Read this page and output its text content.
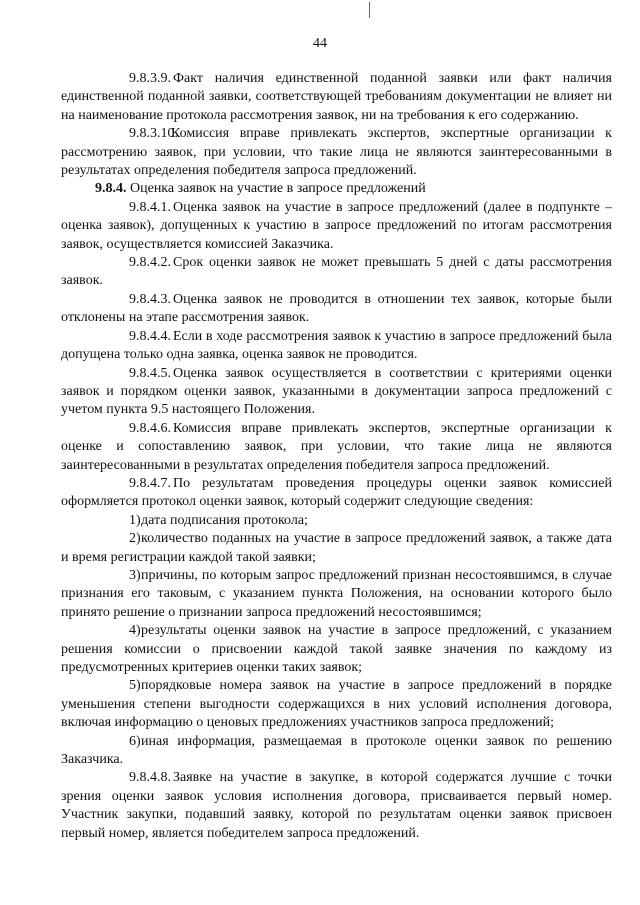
44

9.8.3.9. Факт наличия единственной поданной заявки или факт наличия единственной поданной заявки, соответствующей требованиям документации не влияет ни на наименование протокола рассмотрения заявок, ни на требования к его содержанию.

9.8.3.10.Комиссия вправе привлекать экспертов, экспертные организации к рассмотрению заявок, при условии, что такие лица не являются заинтересованными в результатах определения победителя запроса предложений.

9.8.4. Оценка заявок на участие в запросе предложений

9.8.4.1. Оценка заявок на участие в запросе предложений (далее в подпункте – оценка заявок), допущенных к участию в запросе предложений по итогам рассмотрения заявок, осуществляется комиссией Заказчика.

9.8.4.2. Срок оценки заявок не может превышать 5 дней с даты рассмотрения заявок.

9.8.4.3. Оценка заявок не проводится в отношении тех заявок, которые были отклонены на этапе рассмотрения заявок.

9.8.4.4. Если в ходе рассмотрения заявок к участию в запросе предложений была допущена только одна заявка, оценка заявок не проводится.

9.8.4.5. Оценка заявок осуществляется в соответствии с критериями оценки заявок и порядком оценки заявок, указанными в документации запроса предложений с учетом пункта 9.5 настоящего Положения.

9.8.4.6. Комиссия вправе привлекать экспертов, экспертные организации к оценке и сопоставлению заявок, при условии, что такие лица не являются заинтересованными в результатах определения победителя запроса предложений.

9.8.4.7. По результатам проведения процедуры оценки заявок комиссией оформляется протокол оценки заявок, который содержит следующие сведения:

1)дата подписания протокола;

2)количество поданных на участие в запросе предложений заявок, а также дата и время регистрации каждой такой заявки;

3)причины, по которым запрос предложений признан несостоявшимся, в случае признания его таковым, с указанием пункта Положения, на основании которого было принято решение о признании запроса предложений несостоявшимся;

4)результаты оценки заявок на участие в запросе предложений, с указанием решения комиссии о присвоении каждой такой заявке значения по каждому из предусмотренных критериев оценки таких заявок;

5)порядковые номера заявок на участие в запросе предложений в порядке уменьшения степени выгодности содержащихся в них условий исполнения договора, включая информацию о ценовых предложениях участников запроса предложений;

6)иная информация, размещаемая в протоколе оценки заявок по решению Заказчика.

9.8.4.8. Заявке на участие в закупке, в которой содержатся лучшие с точки зрения оценки заявок условия исполнения договора, присваивается первый номер. Участник закупки, подавший заявку, которой по результатам оценки заявок присвоен первый номер, является победителем запроса предложений.
